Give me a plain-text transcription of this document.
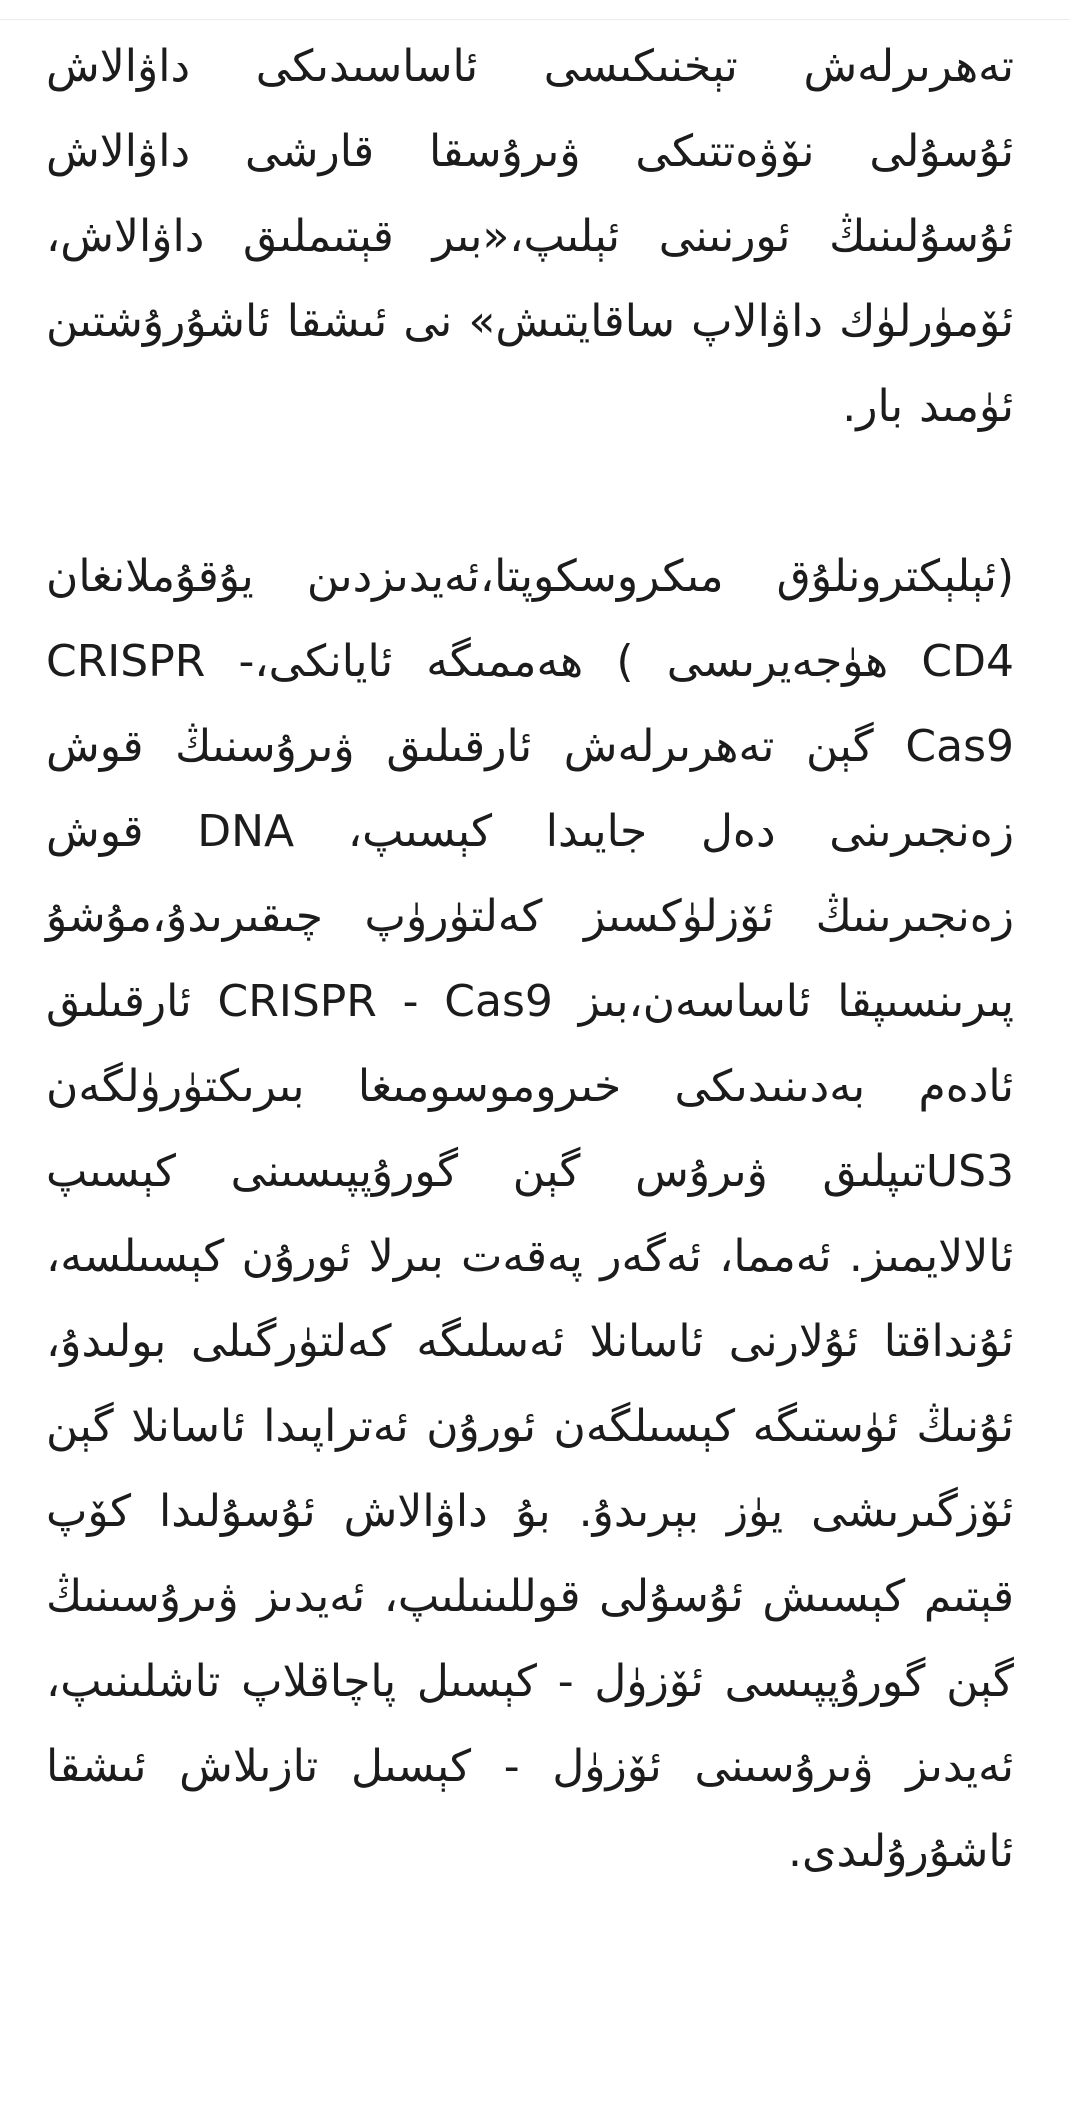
تەھرىرلەش تېخنىكىسى ئاساسىدىكى داۋالاش ئۇسۇلى نۆۋەتتىكى ۋىرۇسقا قارشى داۋالاش ئۇسۇلىنىڭ ئورنىنى ئېلىپ،«بىر قېتىملىق داۋالاش، ئۆمۈرلۈك داۋالاپ ساقايتىش» نى ئىشقا ئاشۇرۇشتىن ئۈمىد بار.

(ئېلېكترونلۇق مىكروسكوپتا،ئەيدىزدىن يۇقۇملانغان CD4 ھۈجەيرىسى ) ھەممىگە ئايانكى،CRISPR - Cas9 گېن تەھرىرلەش ئارقىلىق ۋىرۇسنىڭ قوش زەنجىرىنى دەل جايىدا كېسىپ، DNA قوش زەنجىرىنىڭ ئۆزلۈكسىز كەلتۈرۈپ چىقىرىدۇ،مۇشۇ پىرىنسىپقا ئاساسەن،بىز CRISPR - Cas9 ئارقىلىق ئادەم بەدىنىدىكى خىروموسومىغا بىرىكتۈرۈلگەن US3تىپلىق ۋىرۇس گېن گورۇپپىسىنى كېسىپ ئالالايمىز. ئەمما، ئەگەر پەقەت بىرلا ئورۇن كېسىلسە، ئۇنداقتا ئۇلارنى ئاسانلا ئەسلىگە كەلتۈرگىلى بولىدۇ، ئۇنىڭ ئۈستىگە كېسىلگەن ئورۇن ئەتراپىدا ئاسانلا گېن ئۆزگىرىشى يۈز بېرىدۇ. بۇ داۋالاش ئۇسۇلىدا كۆپ قېتىم كېسىش ئۇسۇلى قوللىنىلىپ، ئەيدىز ۋىرۇسىنىڭ گېن گورۇپپىسى ئۆزۈل - كېسىل پاچاقلاپ تاشلىنىپ، ئەيدىز ۋىرۇسىنى ئۆزۈل - كېسىل تازىلاش ئىشقا ئاشۇرۇلىدى.
